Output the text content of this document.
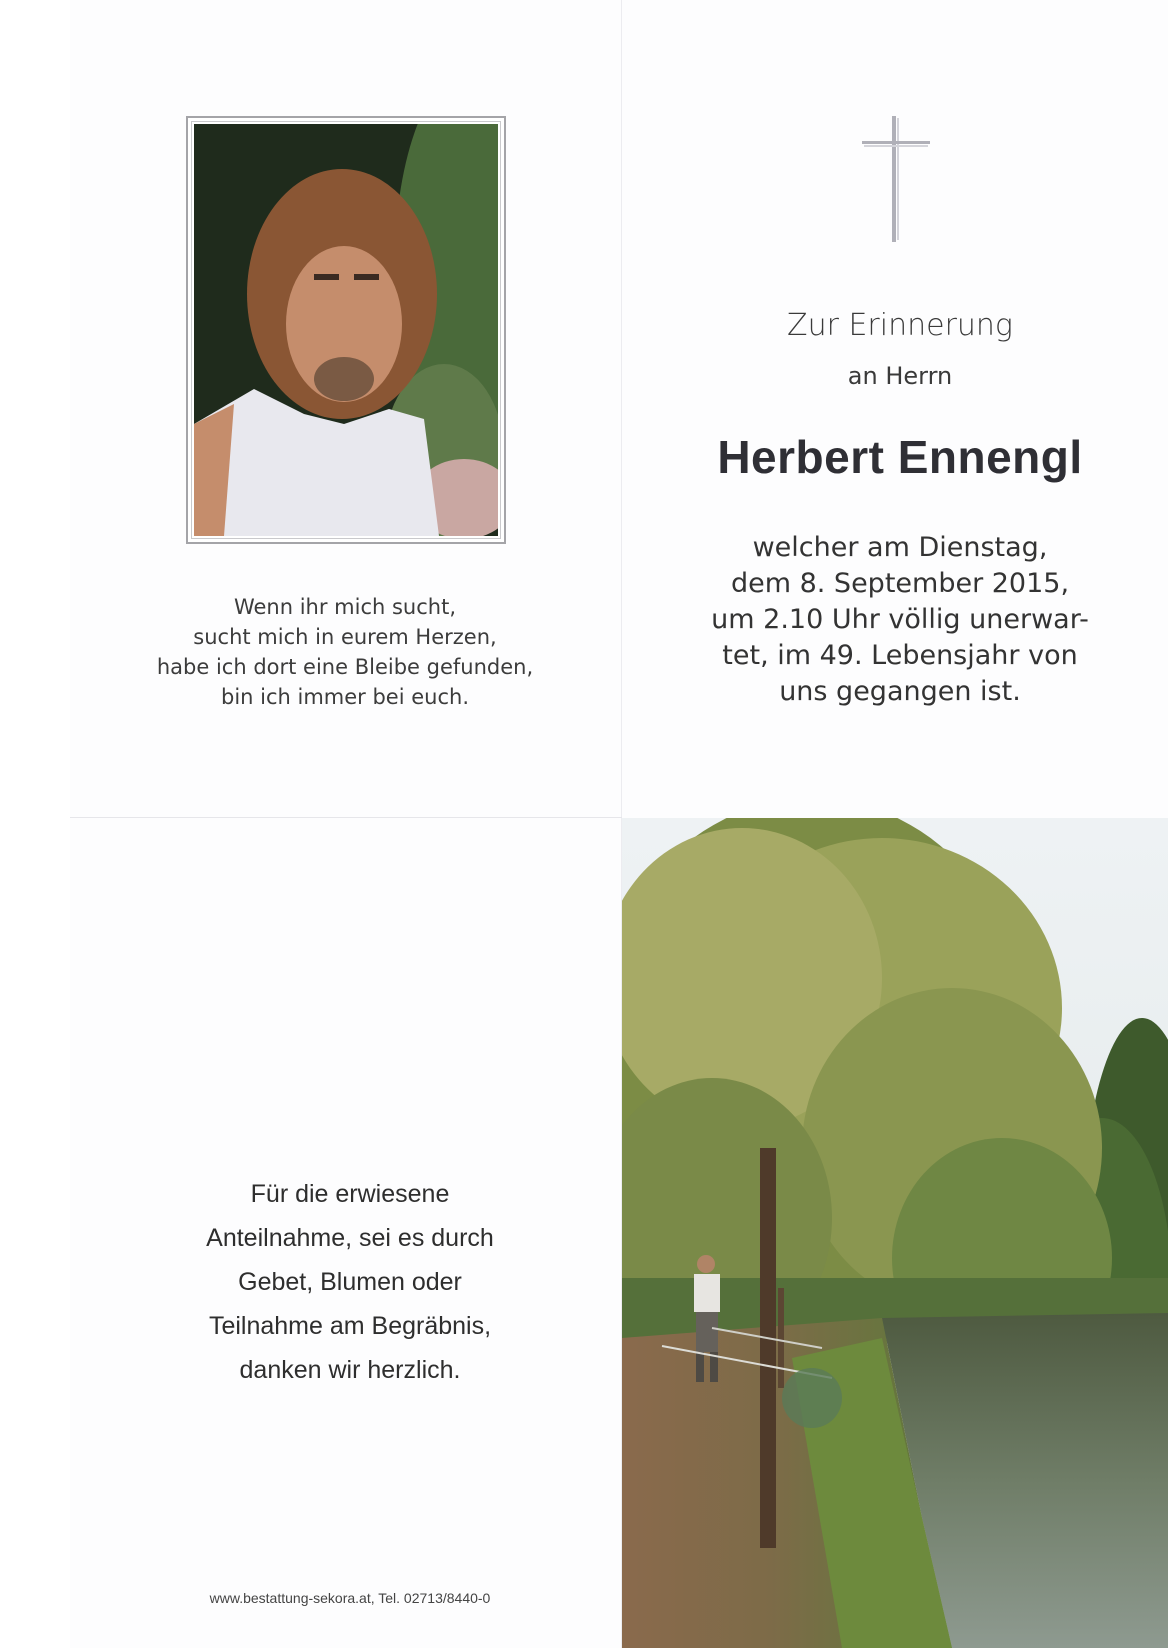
Zur Erinnerung
an Herrn
Herbert Ennengl
welcher am Dienstag,
dem 8. September 2015,
um 2.10 Uhr völlig unerwar-
tet, im 49. Lebensjahr von
uns gegangen ist.
Wenn ihr mich sucht,
sucht mich in eurem Herzen,
habe ich dort eine Bleibe gefunden,
bin ich immer bei euch.
Für die erwiesene
Anteilnahme, sei es durch
Gebet, Blumen oder
Teilnahme am Begräbnis,
danken wir herzlich.
www.bestattung-sekora.at, Tel. 02713/8440-0
